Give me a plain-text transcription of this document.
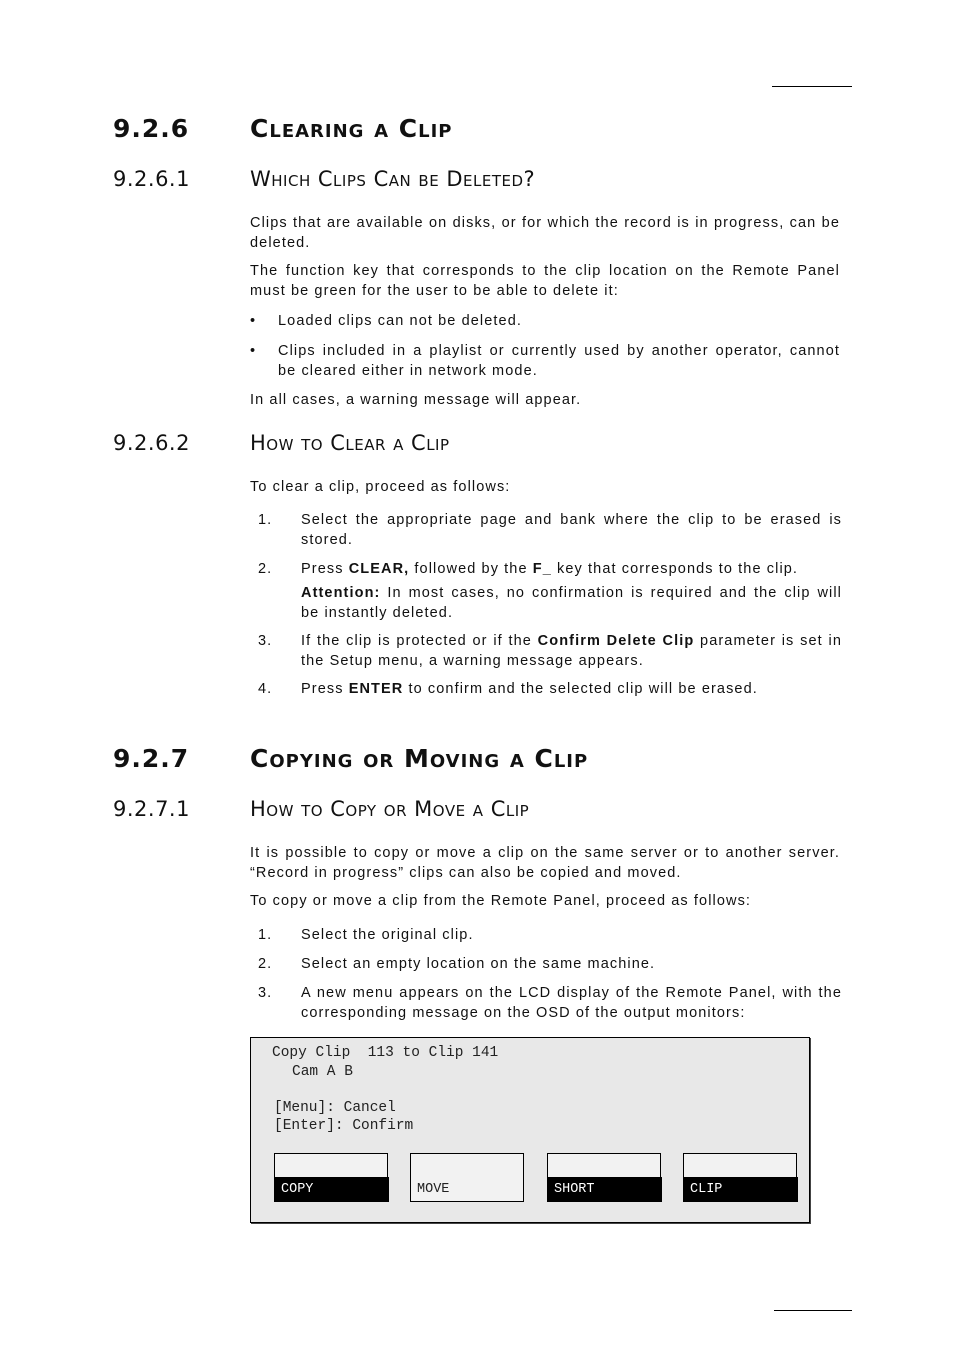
9.2.6 Clearing a Clip
9.2.6.1	Which Clips Can be Deleted?

Clips that are available on disks, or for which the record is in progress, can be deleted.

The function key that corresponds to the clip location on the Remote Panel must be green for the user to be able to delete it:

• Loaded clips can not be deleted.

• Clips included in a playlist or currently used by another operator, cannot be cleared either in network mode.

In all cases, a warning message will appear.

9.2.6.2	How to Clear a Clip

To clear a clip, proceed as follows:

1. Select the appropriate page and bank where the clip to be erased is stored.

2. Press CLEAR, followed by the F_ key that corresponds to the clip.

Attention: In most cases, no confirmation is required and the clip will be instantly deleted.

3. If the clip is protected or if the Confirm Delete Clip parameter is set in the Setup menu, a warning message appears.

4. Press ENTER to confirm and the selected clip will be erased.

9.2.7 Copying or Moving a Clip
9.2.7.1	How to Copy or Move a Clip

It is possible to copy or move a clip on the same server or to another server. “Record in progress” clips can also be copied and moved.

To copy or move a clip from the Remote Panel, proceed as follows:

1. Select the original clip.

2. Select an empty location on the same machine.

3. A new menu appears on the LCD display of the Remote Panel, with the corresponding message on the OSD of the output monitors:

Copy Clip  113 to Clip 141
Cam A B
[Menu]: Cancel
[Enter]: Confirm
COPY	MOVE	SHORT	CLIP
